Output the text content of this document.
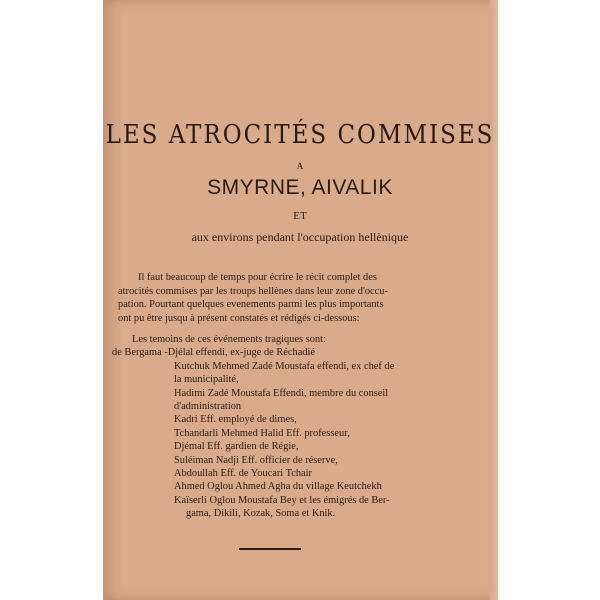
LES ATROCITÉS COMMISES
A
SMYRNE, AIVALIK
ET
aux environs pendant l'occupation hellènique
Il faut beaucoup de temps pour écrire le récit complet des
atrocités commises par les troups hellènes dans leur zone d'occu-
pation. Pourtant quelques evenements parmi les plus importants
ont pu être jusqu à présent constatés et rédigés ci-dessous:
Les temoins de ces événements tragiques sont:
de Bergama -Djélal effendi, ex-juge de Réchadié
Kutchuk Mehmed Zadé Moustafa effendi, ex chef de
la municipalité,
Hadimi Zadé Moustafa Effendi, membre du conseil
d'administration
Kadri Eff. employé de dimes,
Tchandarli Mehmed Halid Eff. professeur,
Djémal Eff. gardien de Régie,
Suléiman Nadji Eff. officier de réserve,
Abdoullah Eff. de Youcari Tchair
Ahmed Oglou Ahmed Agha du village Keutchekh
Kaïserli Oglou Moustafa Bey et les émigrés de Ber-
gama, Dikili, Kozak, Soma et Knik.
